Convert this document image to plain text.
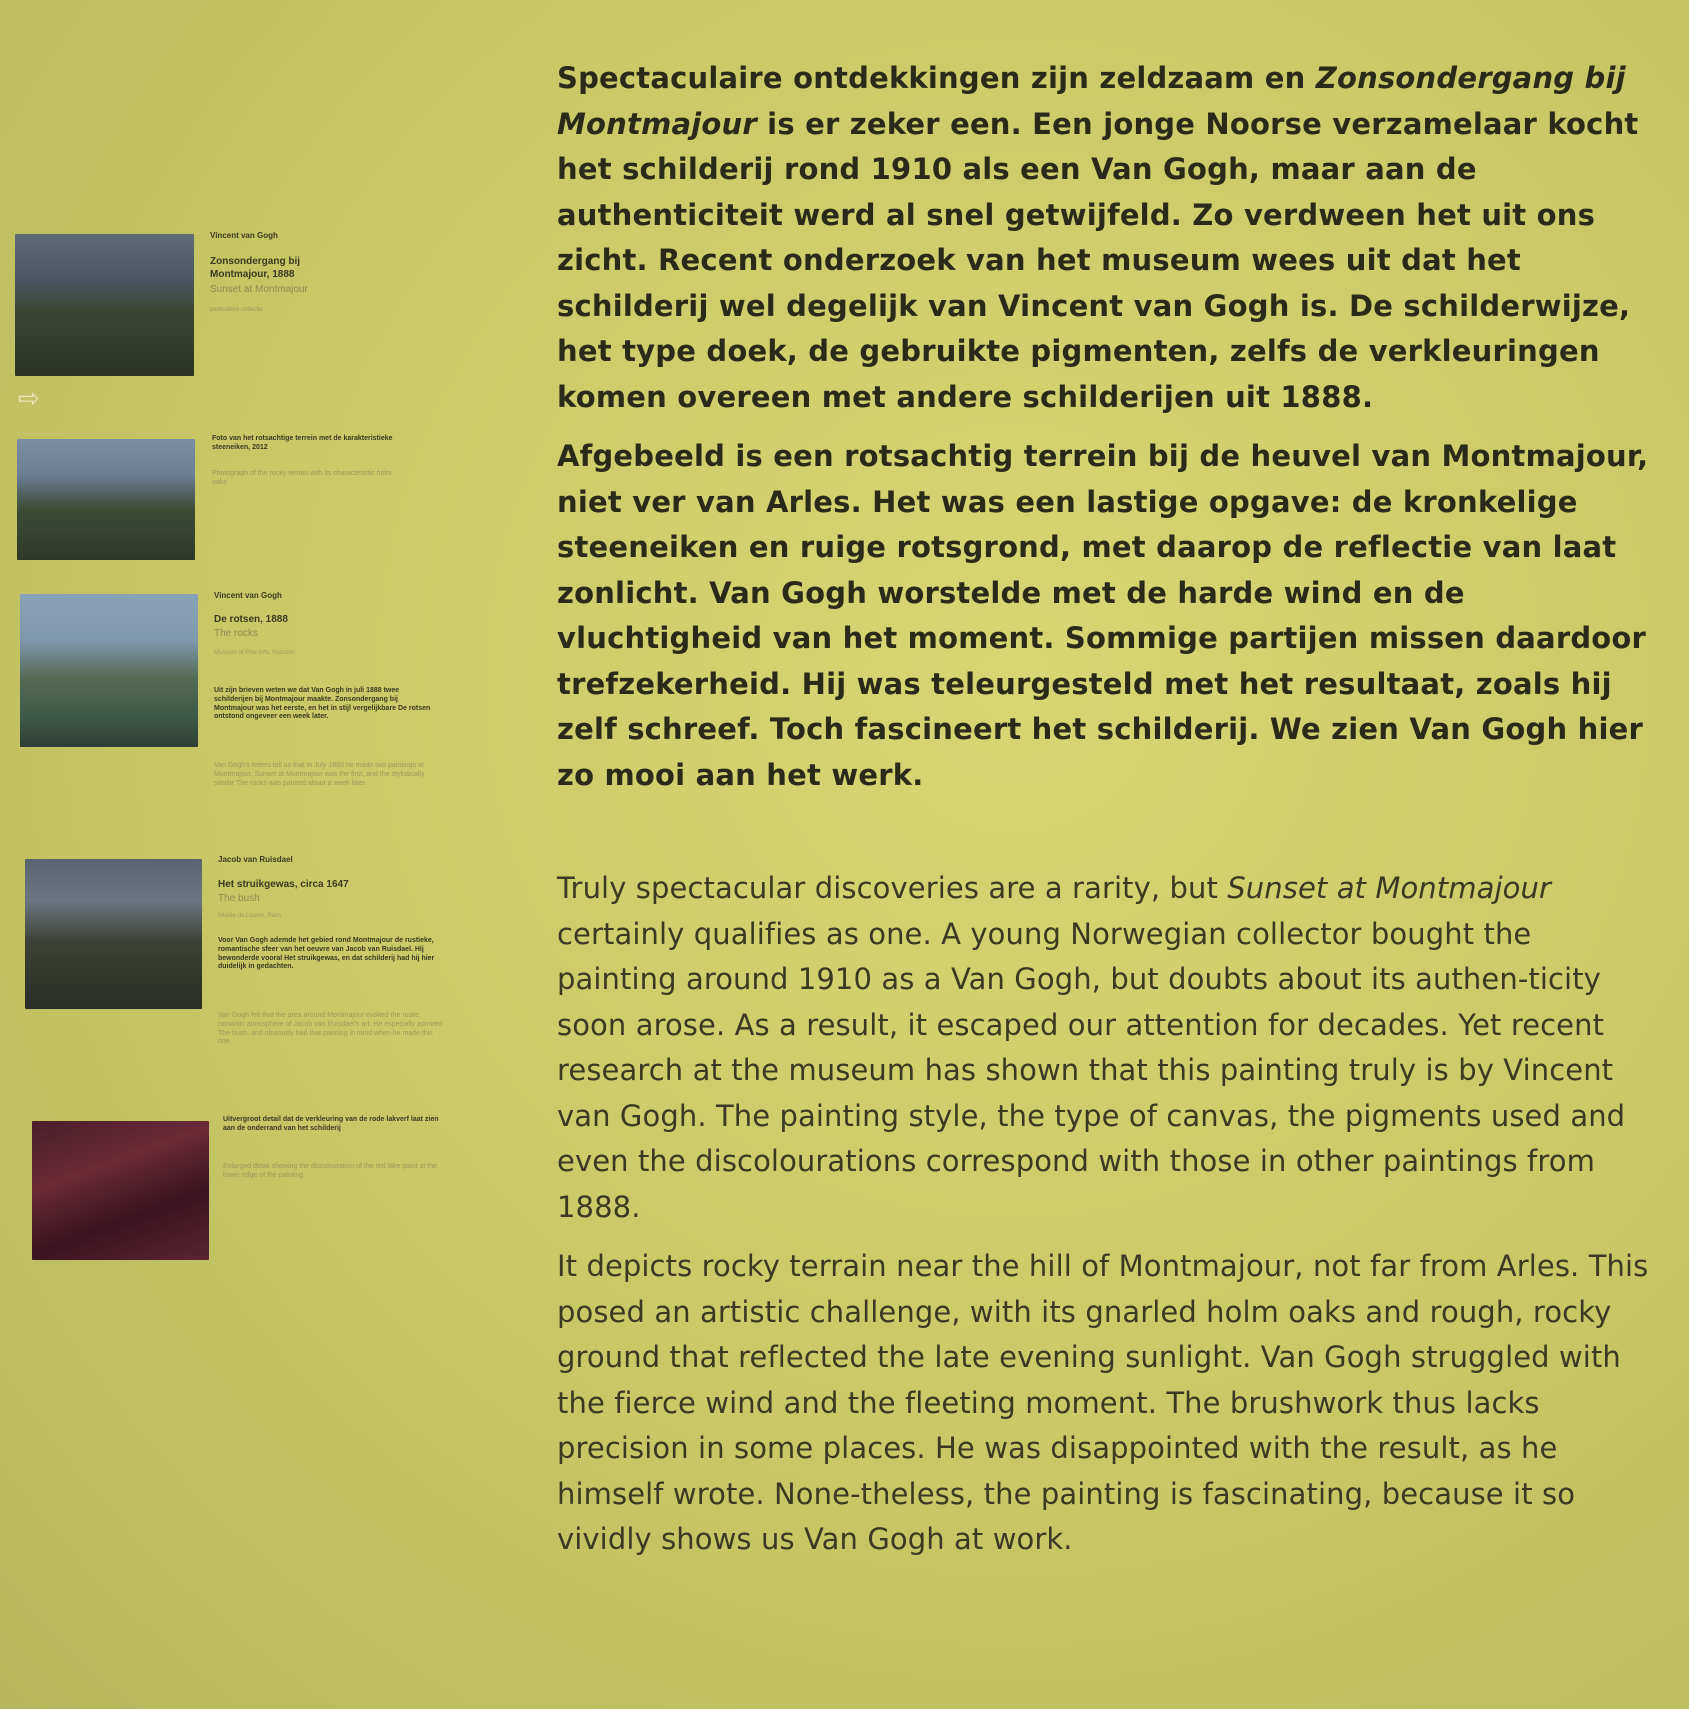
Vincent van Gogh
Zonsondergang bij Montmajour, 1888
Sunset at Montmajour
particuliere collectie
⇨
Foto van het rotsachtige terrein met de karakteristieke steeneiken, 2012
Photograph of the rocky terrain with its characteristic holm oaks
Vincent van Gogh
De rotsen, 1888
The rocks
Museum of Fine Arts, Houston
Uit zijn brieven weten we dat Van Gogh in juli 1888 twee schilderijen bij Montmajour maakte. Zonsondergang bij Montmajour was het eerste, en het in stijl vergelijkbare De rotsen ontstond ongeveer een week later.
Van Gogh's letters tell us that in July 1888 he made two paintings at Montmajour. Sunset at Montmajour was the first, and the stylistically similar The rocks was painted about a week later.
Jacob van Ruisdael
Het struikgewas, circa 1647
The bush
Musée du Louvre, Paris
Voor Van Gogh ademde het gebied rond Montmajour de rustieke, romantische sfeer van het oeuvre van Jacob van Ruisdael. Hij bewonderde vooral Het struikgewas, en dat schilderij had hij hier duidelijk in gedachten.
Van Gogh felt that the area around Montmajour evoked the rustic, romantic atmosphere of Jacob van Ruisdael's art. He especially admired The bush, and obviously had that painting in mind when he made this one.
Uitvergroot detail dat de verkleuring van de rode lakverf laat zien aan de onderrand van het schilderij
Enlarged detail showing the discolouration of the red lake paint at the lower edge of the painting

Spectaculaire ontdekkingen zijn zeldzaam en Zonsondergang bij Montmajour is er zeker een. Een jonge Noorse verzamelaar kocht het schilderij rond 1910 als een Van Gogh, maar aan de authenticiteit werd al snel getwijfeld. Zo verdween het uit ons zicht. Recent onderzoek van het museum wees uit dat het schilderij wel degelijk van Vincent van Gogh is. De schilderwijze, het type doek, de gebruikte pigmenten, zelfs de verkleuringen komen overeen met andere schilderijen uit 1888.

Afgebeeld is een rotsachtig terrein bij de heuvel van Montmajour, niet ver van Arles. Het was een lastige opgave: de kronkelige steeneiken en ruige rotsgrond, met daarop de reflectie van laat zonlicht. Van Gogh worstelde met de harde wind en de vluchtigheid van het moment. Sommige partijen missen daardoor trefzekerheid. Hij was teleurgesteld met het resultaat, zoals hij zelf schreef. Toch fascineert het schilderij. We zien Van Gogh hier zo mooi aan het werk.

Truly spectacular discoveries are a rarity, but Sunset at Montmajour certainly qualifies as one. A young Norwegian collector bought the painting around 1910 as a Van Gogh, but doubts about its authen-ticity soon arose. As a result, it escaped our attention for decades. Yet recent research at the museum has shown that this painting truly is by Vincent van Gogh. The painting style, the type of canvas, the pigments used and even the discolourations correspond with those in other paintings from 1888.

It depicts rocky terrain near the hill of Montmajour, not far from Arles. This posed an artistic challenge, with its gnarled holm oaks and rough, rocky ground that reflected the late evening sunlight. Van Gogh struggled with the fierce wind and the fleeting moment. The brushwork thus lacks precision in some places. He was disappointed with the result, as he himself wrote. None-theless, the painting is fascinating, because it so vividly shows us Van Gogh at work.
